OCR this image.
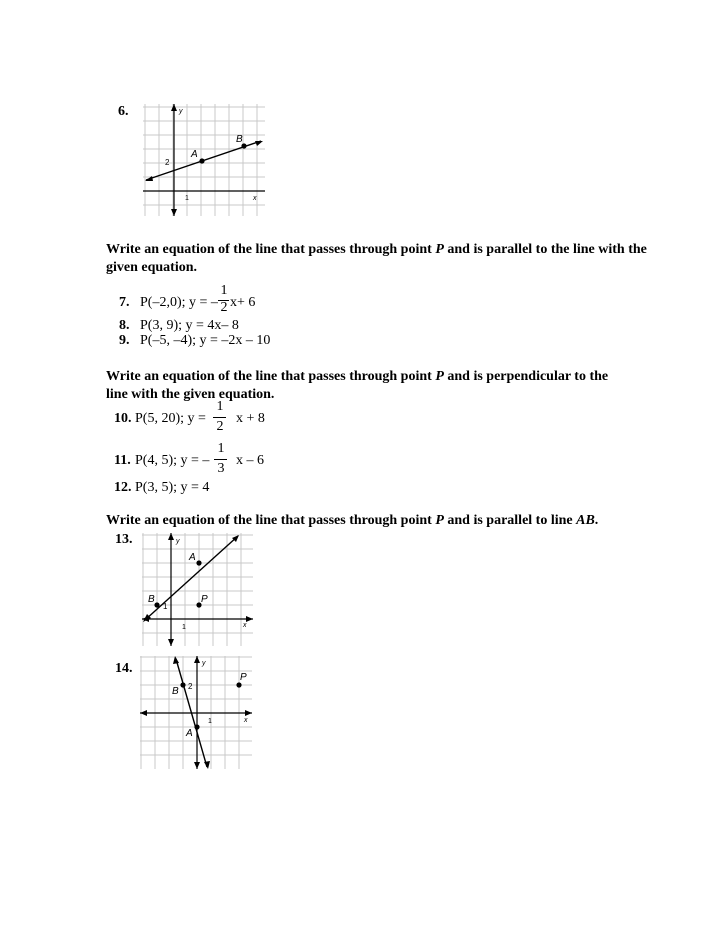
6.	y
x
A
B
2
1
Write an equation of the line that passes through point P and is parallel to the line with the given equation.
7. P(–2,0); y = –
1
2 x+ 6
8. P(3, 9); y = 4x– 8
9. P(–5, –4); y = –2x – 10
Write an equation of the line that passes through point P and is perpendicular to the line with the given equation.
10. P(5, 20); y =
1
2
x + 8
11. P(4, 5); y = –
1
3
x – 6
12. P(3, 5); y = 4
Write an equation of the line that passes through point P and is parallel to line AB.
13.	y
x
A
B	P
1
1
14.	y
x
A
B
P
2
1
